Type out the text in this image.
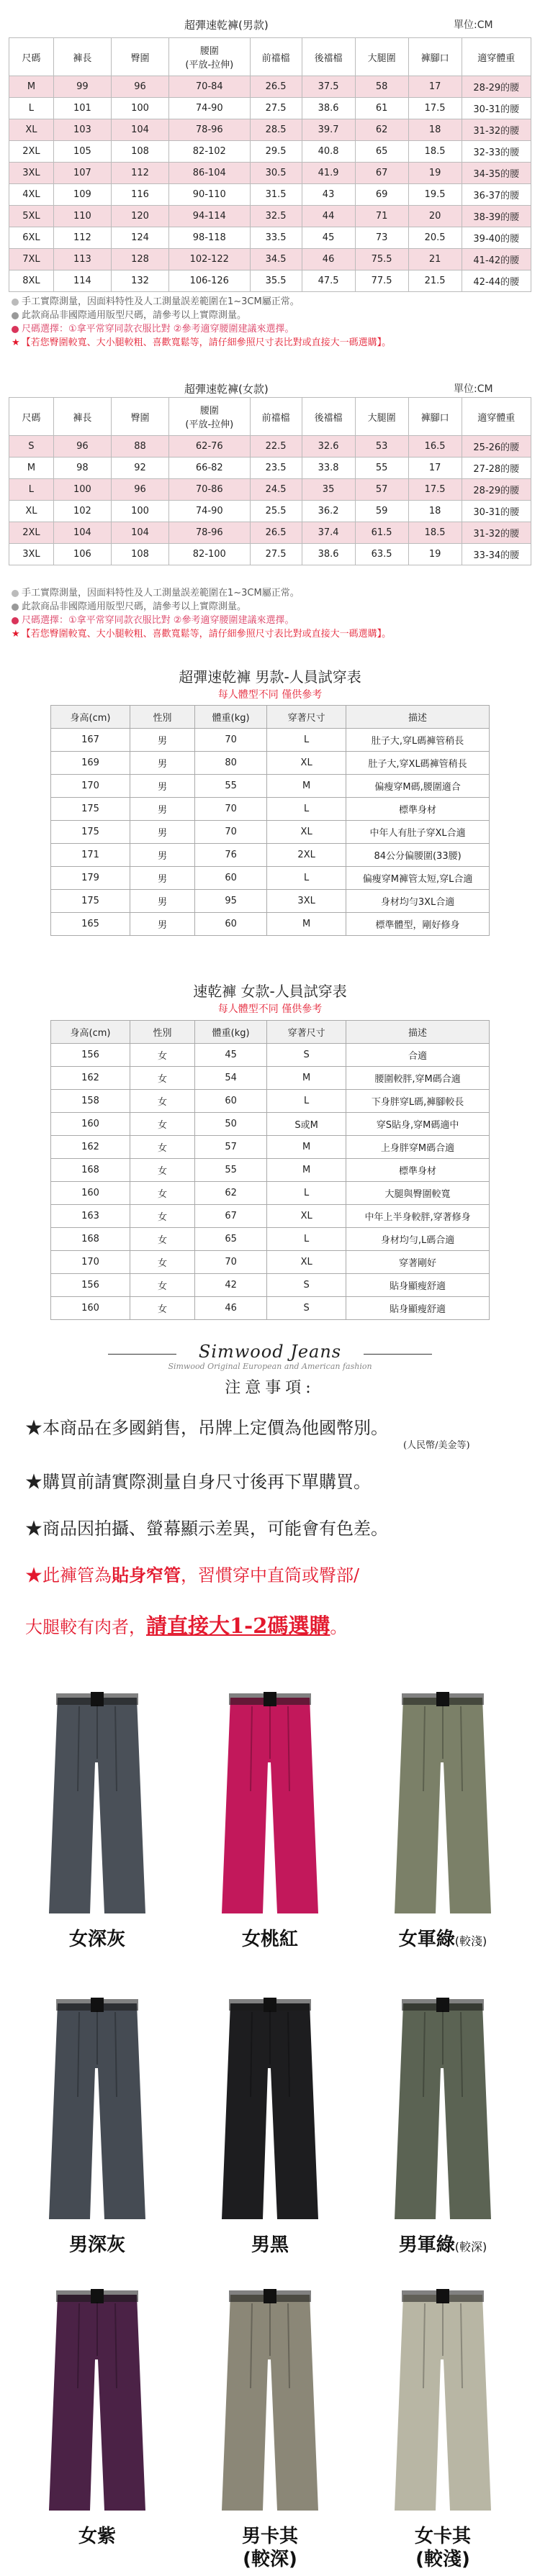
超彈速乾褲(男款)	單位:CM
尺碼	褲長	臀圍	腰圍
(平放-拉伸)	前襠檔	後襠檔	大腿圍	褲腳口	適穿體重
M	99	96	70-84	26.5	37.5	58	17	28-29的腰
L	101	100	74-90	27.5	38.6	61	17.5	30-31的腰
XL	103	104	78-96	28.5	39.7	62	18	31-32的腰
2XL	105	108	82-102	29.5	40.8	65	18.5	32-33的腰
3XL	107	112	86-104	30.5	41.9	67	19	34-35的腰
4XL	109	116	90-110	31.5	43	69	19.5	36-37的腰
5XL	110	120	94-114	32.5	44	71	20	38-39的腰
6XL	112	124	98-118	33.5	45	73	20.5	39-40的腰
7XL	113	128	102-122	34.5	46	75.5	21	41-42的腰
8XL	114	132	106-126	35.5	47.5	77.5	21.5	42-44的腰
手工實際測量，因面料特性及人工測量誤差範圍在1~3CM屬正常。
此款商品非國際通用版型尺碼，請參考以上實際測量。
尺碼選擇：①拿平常穿同款衣服比對 ②參考適穿腰圍建議來選擇。
★ 【若您臀圍較寬、大小腿較粗、喜歡寬鬆等，請仔細參照尺寸表比對或直接大一碼選購】。
超彈速乾褲(女款)	單位:CM
尺碼	褲長	臀圍	腰圍
(平放-拉伸)	前襠檔	後襠檔	大腿圍	褲腳口	適穿體重
S	96	88	62-76	22.5	32.6	53	16.5	25-26的腰
M	98	92	66-82	23.5	33.8	55	17	27-28的腰
L	100	96	70-86	24.5	35	57	17.5	28-29的腰
XL	102	100	74-90	25.5	36.2	59	18	30-31的腰
2XL	104	104	78-96	26.5	37.4	61.5	18.5	31-32的腰
3XL	106	108	82-100	27.5	38.6	63.5	19	33-34的腰
手工實際測量，因面料特性及人工測量誤差範圍在1~3CM屬正常。
此款商品非國際通用版型尺碼，請參考以上實際測量。
尺碼選擇：①拿平常穿同款衣服比對 ②參考適穿腰圍建議來選擇。
★ 【若您臀圍較寬、大小腿較粗、喜歡寬鬆等，請仔細參照尺寸表比對或直接大一碼選購】。
超彈速乾褲 男款-人員試穿表
每人體型不同 僅供參考
身高(cm)	性別	體重(kg)	穿著尺寸	描述
167	男	70	L	肚子大,穿L碼褲管稍長
169	男	80	XL	肚子大,穿XL碼褲管稍長
170	男	55	M	偏瘦穿M碼,腰圍適合
175	男	70	L	標準身材
175	男	70	XL	中年人有肚子穿XL合適
171	男	76	2XL	84公分偏腰圍(33腰)
179	男	60	L	偏瘦穿M褲管太短,穿L合適
175	男	95	3XL	身材均勻3XL合適
165	男	60	M	標準體型，剛好修身
速乾褲 女款-人員試穿表
每人體型不同 僅供參考
身高(cm)	性別	體重(kg)	穿著尺寸	描述
156	女	45	S	合適
162	女	54	M	腰圍較胖,穿M碼合適
158	女	60	L	下身胖穿L碼,褲腳較長
160	女	50	S或M	穿S貼身,穿M碼適中
162	女	57	M	上身胖穿M碼合適
168	女	55	M	標準身材
160	女	62	L	大腿與臀圍較寬
163	女	67	XL	中年上半身較胖,穿著修身
168	女	65	L	身材均勻,L碼合適
170	女	70	XL	穿著剛好
156	女	42	S	貼身顯瘦舒適
160	女	46	S	貼身顯瘦舒適
Simwood Jeans
Simwood Original European and American fashion
注意事項:
★本商品在多國銷售，吊牌上定價為他國幣別。
(人民幣/美金等)
★購買前請實際測量自身尺寸後再下單購買。
★商品因拍攝、螢幕顯示差異，可能會有色差。
★此褲管為貼身窄管，習慣穿中直筒或臀部/
大腿較有肉者，請直接大1-2碼選購。
女深灰	女桃紅	女軍綠(較淺)
男深灰	男黑	男軍綠(較深)
女紫	男卡其
(較深)
女卡其
(較淺)
